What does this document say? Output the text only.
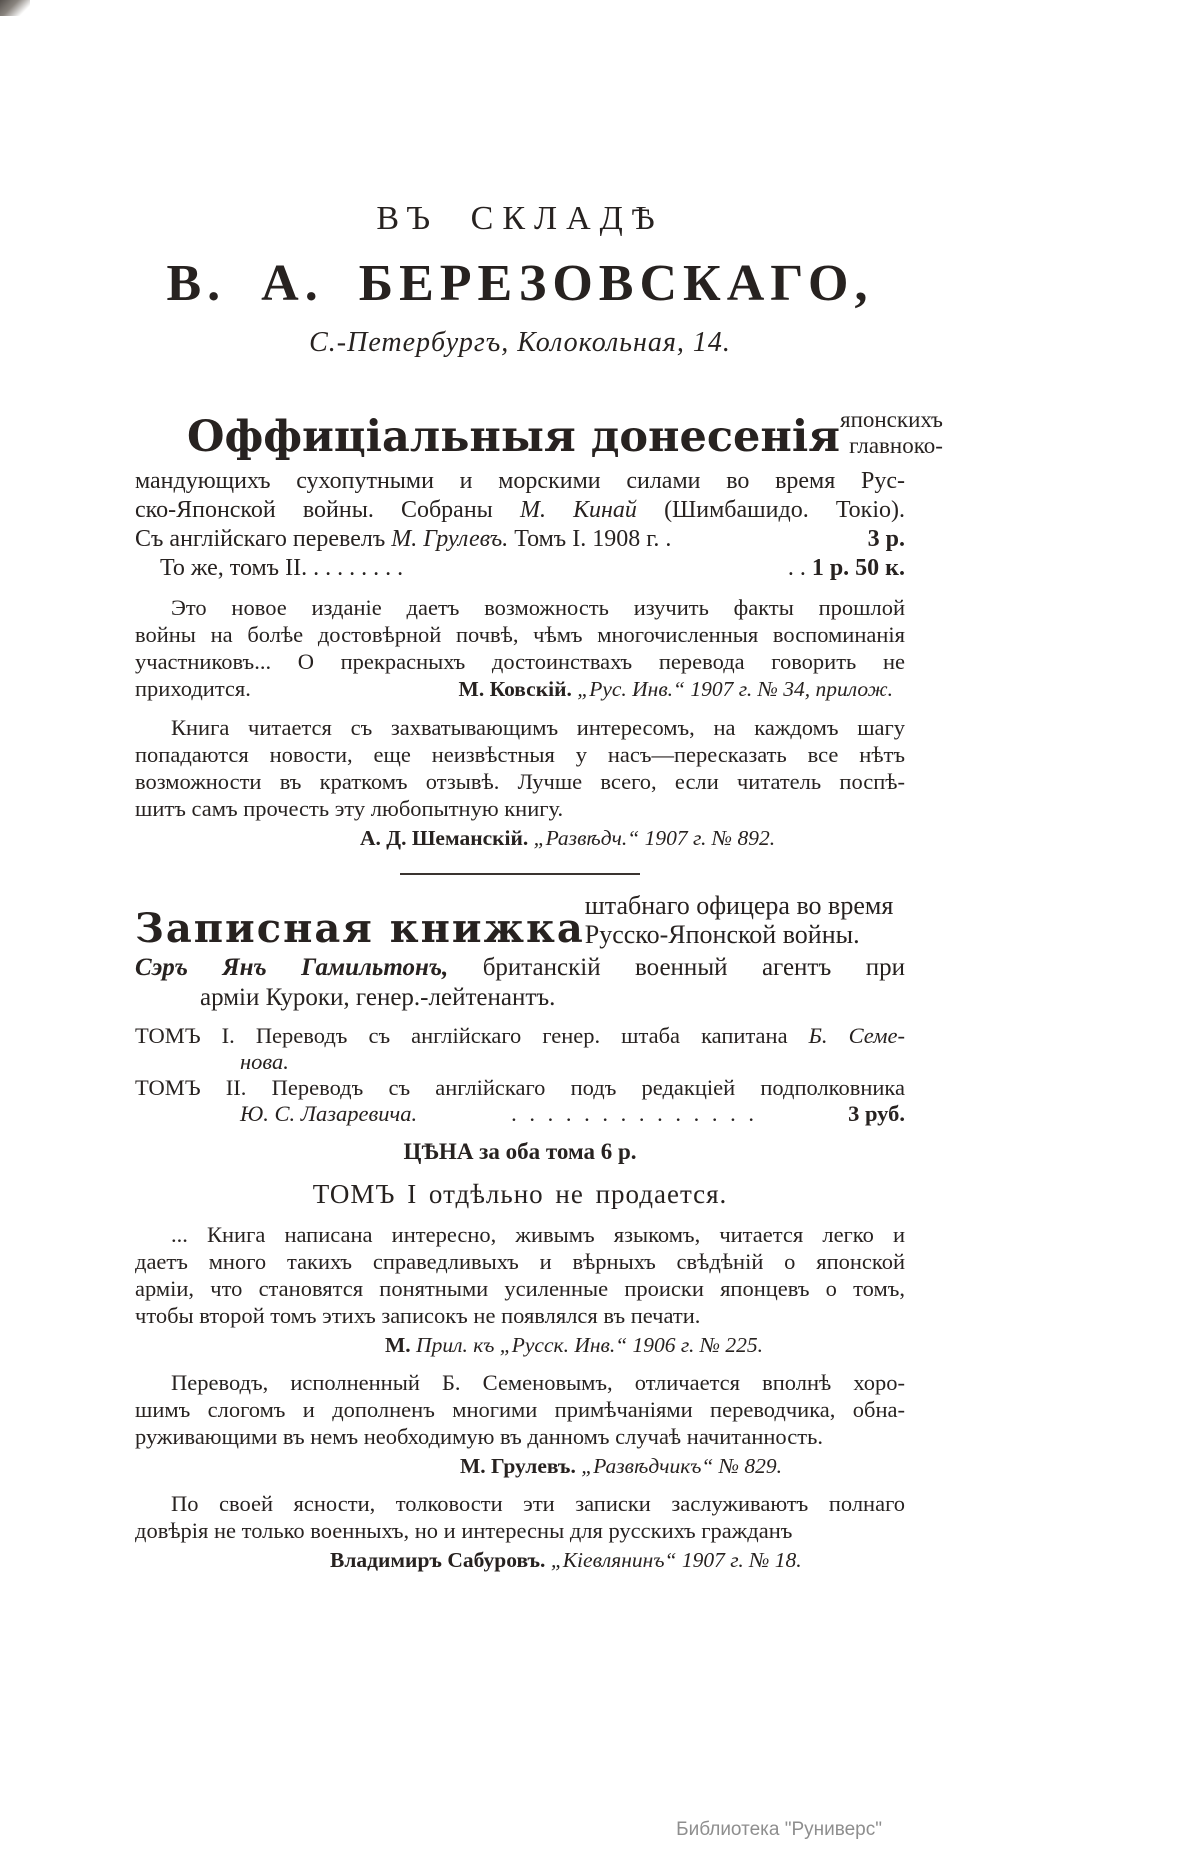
ВЪ СКЛАДѢ
В. А. БЕРЕЗОВСКАГО,
С.-Петербургъ, Колокольная, 14.
Оффиціальныя донесенія японскихъ
главноко-
мандующихъ сухопутными и морскими силами во время Рус-
ско-Японской войны. Собраны М. Кинай (Шимбашидо. Токіо).
Съ англійскаго перевелъ М. Грулевъ. Томъ I. 1908 г. .	3 р.
То же, томъ II. . . . . . . . .	. . 1 р. 50 к.
Это новое изданіе даетъ возможность изучить факты прошлой
войны на болѣе достовѣрной почвѣ, чѣмъ многочисленныя воспоминанія
участниковъ... О прекрасныхъ достоинствахъ перевода говорить не
приходится.	М. Ковскій. „Рус. Инв.“ 1907 г. № 34, прилож.
Книга читается съ захватывающимъ интересомъ, на каждомъ шагу
попадаются новости, еще неизвѣстныя у насъ—пересказать все нѣтъ
возможности въ краткомъ отзывѣ. Лучше всего, если читатель поспѣ-
шитъ самъ прочесть эту любопытную книгу.
А. Д. Шеманскій. „Развѣдч.“ 1907 г. № 892.
Записная книжка штабнаго офицера во время
Русско-Японской войны.
Сэръ Янъ Гамильтонъ, британскій военный агентъ при
арміи Куроки, генер.-лейтенантъ.
ТОМЪ I. Переводъ съ англійскаго генер. штаба капитана Б. Семе-
нова.
ТОМЪ II. Переводъ съ англійскаго подъ редакціей подполковника
Ю. С. Лазаревича.	. . . . . . . . . . . . . .	3 руб.
ЦѢНА за оба тома 6 р.
ТОМЪ I отдѣльно не продается.
... Книга написана интересно, живымъ языкомъ, читается легко и
даетъ много такихъ справедливыхъ и вѣрныхъ свѣдѣній о японской
арміи, что становятся понятными усиленные происки японцевъ о томъ,
чтобы второй томъ этихъ записокъ не появлялся въ печати.
М. Прил. къ „Русск. Инв.“ 1906 г. № 225.
Переводъ, исполненный Б. Семеновымъ, отличается вполнѣ хоро-
шимъ слогомъ и дополненъ многими примѣчаніями переводчика, обна-
руживающими въ немъ необходимую въ данномъ случаѣ начитанность.
М. Грулевъ. „Развѣдчикъ“ № 829.
По своей ясности, толковости эти записки заслуживаютъ полнаго
довѣрія не только военныхъ, но и интересны для русскихъ гражданъ
Владимиръ Сабуровъ. „Кіевлянинъ“ 1907 г. № 18.
Библиотека "Руниверс"
